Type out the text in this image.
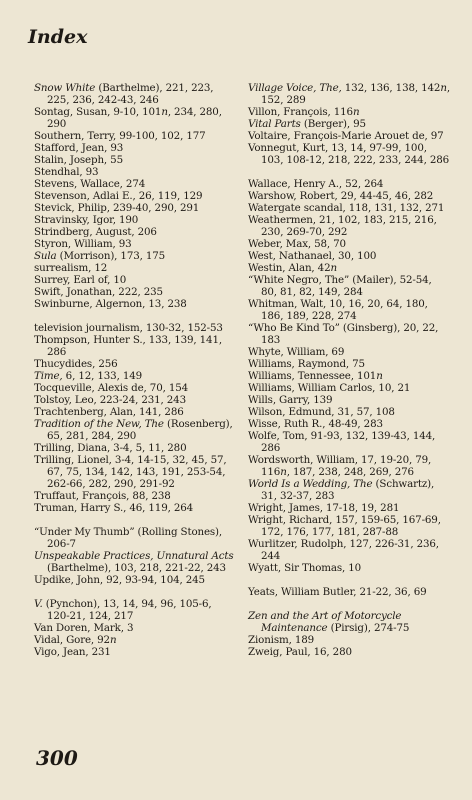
Index

Snow White (Barthelme), 221, 223, 225, 236, 242-43, 246

Sontag, Susan, 9-10, 101n, 234, 280, 290

Southern, Terry, 99-100, 102, 177

Stafford, Jean, 93

Stalin, Joseph, 55

Stendhal, 93

Stevens, Wallace, 274

Stevenson, Adlai E., 26, 119, 129

Stevick, Philip, 239-40, 290, 291

Stravinsky, Igor, 190

Strindberg, August, 206

Styron, William, 93

Sula (Morrison), 173, 175

surrealism, 12

Surrey, Earl of, 10

Swift, Jonathan, 222, 235

Swinburne, Algernon, 13, 238

television journalism, 130-32, 152-53

Thompson, Hunter S., 133, 139, 141, 286

Thucydides, 256

Time, 6, 12, 133, 149

Tocqueville, Alexis de, 70, 154

Tolstoy, Leo, 223-24, 231, 243

Trachtenberg, Alan, 141, 286

Tradition of the New, The (Rosenberg), 65, 281, 284, 290

Trilling, Diana, 3-4, 5, 11, 280

Trilling, Lionel, 3-4, 14-15, 32, 45, 57, 67, 75, 134, 142, 143, 191, 253-54, 262-66, 282, 290, 291-92

Truffaut, François, 88, 238

Truman, Harry S., 46, 119, 264

“Under My Thumb” (Rolling Stones), 206-7

Unspeakable Practices, Unnatural Acts (Barthelme), 103, 218, 221-22, 243

Updike, John, 92, 93-94, 104, 245

V. (Pynchon), 13, 14, 94, 96, 105-6, 120-21, 124, 217

Van Doren, Mark, 3

Vidal, Gore, 92n

Vigo, Jean, 231

Village Voice, The, 132, 136, 138, 142n, 152, 289

Villon, François, 116n

Vital Parts (Berger), 95

Voltaire, François-Marie Arouet de, 97

Vonnegut, Kurt, 13, 14, 97-99, 100, 103, 108-12, 218, 222, 233, 244, 286

Wallace, Henry A., 52, 264

Warshow, Robert, 29, 44-45, 46, 282

Watergate scandal, 118, 131, 132, 271

Weathermen, 21, 102, 183, 215, 216, 230, 269-70, 292

Weber, Max, 58, 70

West, Nathanael, 30, 100

Westin, Alan, 42n

“White Negro, The” (Mailer), 52-54, 80, 81, 82, 149, 284

Whitman, Walt, 10, 16, 20, 64, 180, 186, 189, 228, 274

“Who Be Kind To” (Ginsberg), 20, 22, 183

Whyte, William, 69

Williams, Raymond, 75

Williams, Tennessee, 101n

Williams, William Carlos, 10, 21

Wills, Garry, 139

Wilson, Edmund, 31, 57, 108

Wisse, Ruth R., 48-49, 283

Wolfe, Tom, 91-93, 132, 139-43, 144, 286

Wordsworth, William, 17, 19-20, 79, 116n, 187, 238, 248, 269, 276

World Is a Wedding, The (Schwartz), 31, 32-37, 283

Wright, James, 17-18, 19, 281

Wright, Richard, 157, 159-65, 167-69, 172, 176, 177, 181, 287-88

Wurlitzer, Rudolph, 127, 226-31, 236, 244

Wyatt, Sir Thomas, 10

Yeats, William Butler, 21-22, 36, 69

Zen and the Art of Motorcycle Maintenance (Pirsig), 274-75

Zionism, 189

Zweig, Paul, 16, 280

300
